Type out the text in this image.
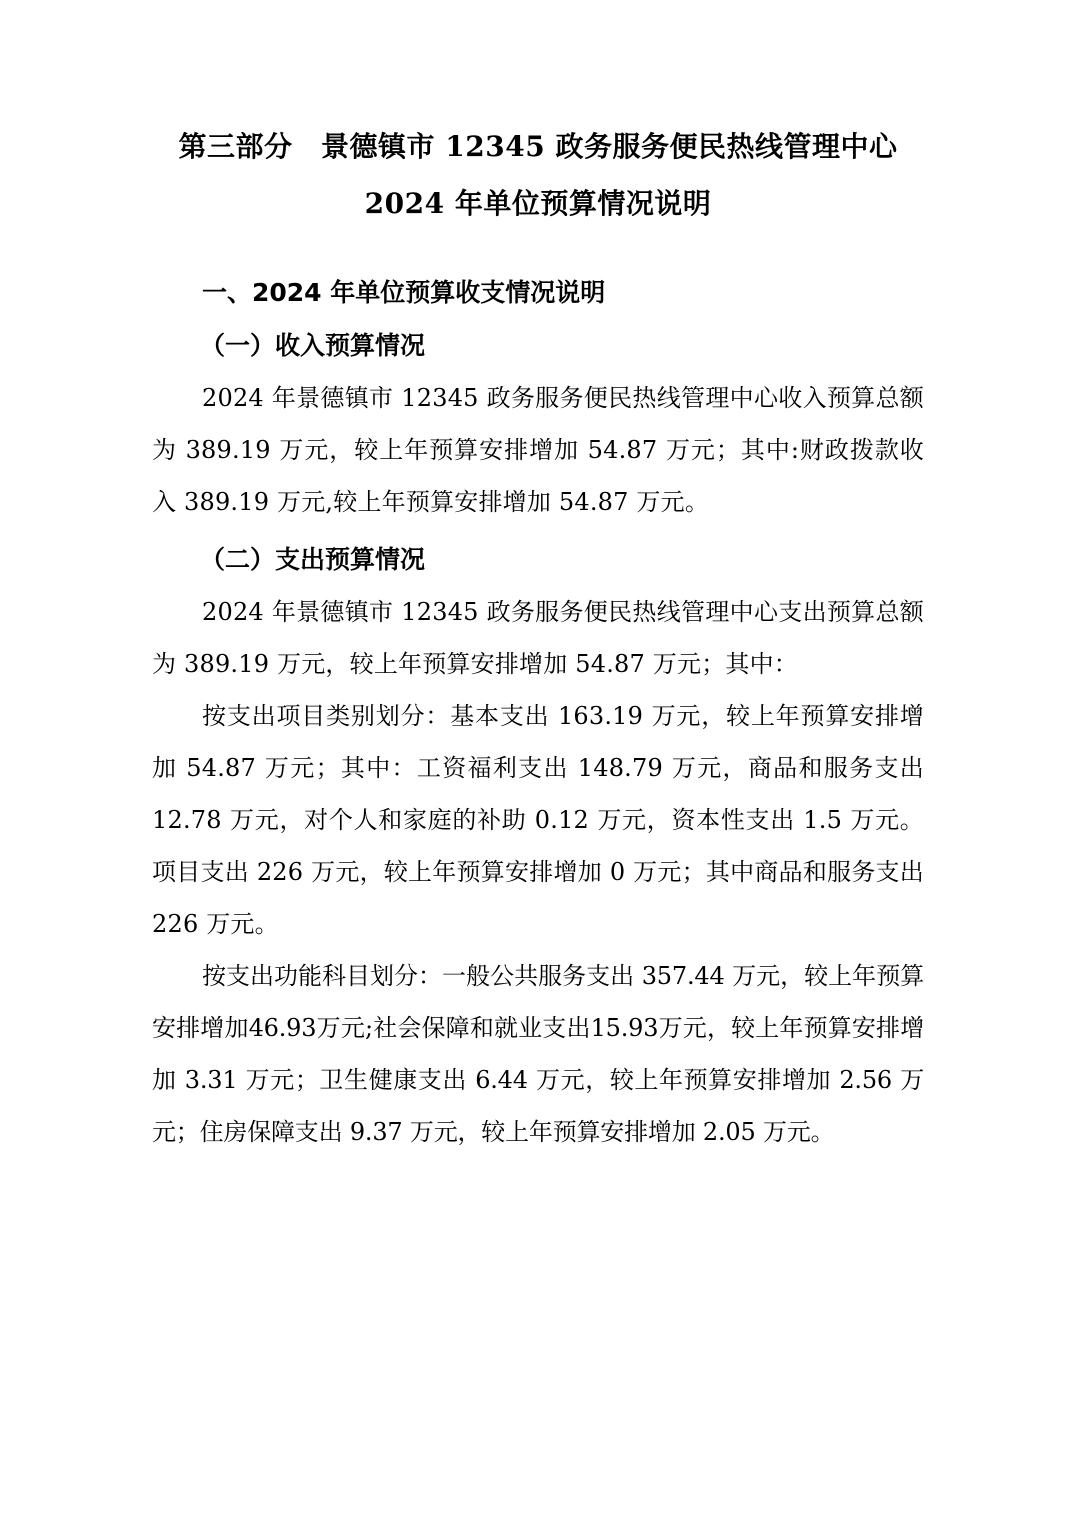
第三部分　景德镇市 12345 政务服务便民热线管理中心
2024 年单位预算情况说明
一、2024 年单位预算收支情况说明
（一）收入预算情况

2024 年景德镇市 12345 政务服务便民热线管理中心收入预算总额为 389.19 万元，较上年预算安排增加 54.87 万元；其中:财政拨款收入 389.19 万元,较上年预算安排增加 54.87 万元。

（二）支出预算情况

2024 年景德镇市 12345 政务服务便民热线管理中心支出预算总额为 389.19 万元，较上年预算安排增加 54.87 万元；其中：

按支出项目类别划分：基本支出 163.19 万元，较上年预算安排增加 54.87 万元；其中：工资福利支出 148.79 万元，商品和服务支出 12.78 万元，对个人和家庭的补助 0.12 万元，资本性支出 1.5 万元。项目支出 226 万元，较上年预算安排增加 0 万元；其中商品和服务支出 226 万元。

按支出功能科目划分：一般公共服务支出 357.44 万元，较上年预算安排增加46.93万元;社会保障和就业支出15.93万元，较上年预算安排增加 3.31 万元；卫生健康支出 6.44 万元，较上年预算安排增加 2.56 万元；住房保障支出 9.37 万元，较上年预算安排增加 2.05 万元。
